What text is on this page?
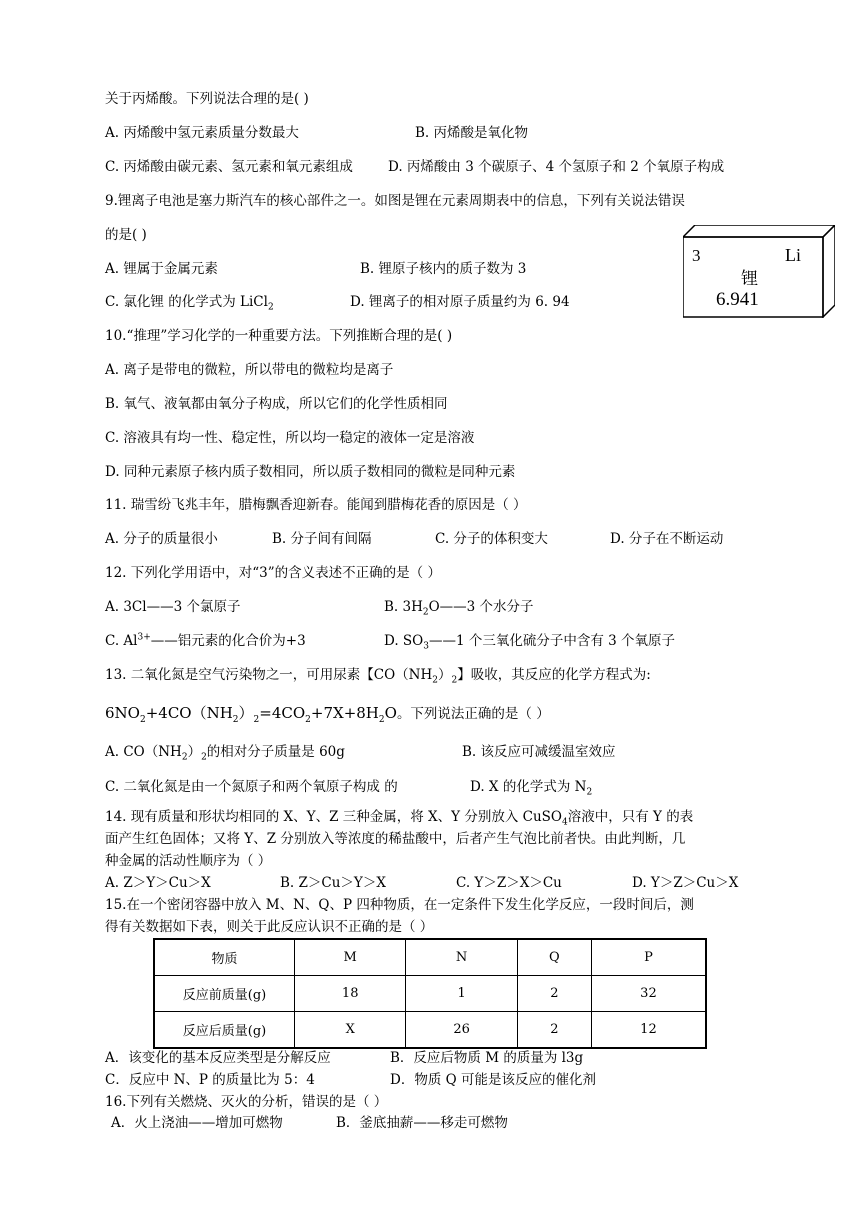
关于丙烯酸。下列说法合理的是( )
A. 丙烯酸中氢元素质量分数最大	B. 丙烯酸是氧化物
C. 丙烯酸由碳元素、氢元素和氧元素组成	D. 丙烯酸由 3 个碳原子、4 个氢原子和 2 个氧原子构成
9.锂离子电池是塞力斯汽车的核心部件之一。如图是锂在元素周期表中的信息，下列有关说法错误
的是( )
A. 锂属于金属元素	B. 锂原子核内的质子数为 3
C. 氯化锂 的化学式为 LiCl$_2$	D. 锂离子的相对原子质量约为 6. 94
3	Li
锂
6.941
10.“推理”学习化学的一种重要方法。下列推断合理的是( )
A. 离子是带电的微粒，所以带电的微粒均是离子
B. 氧气、液氧都由氧分子构成，所以它们的化学性质相同
C. 溶液具有均一性、稳定性，所以均一稳定的液体一定是溶液
D. 同种元素原子核内质子数相同，所以质子数相同的微粒是同种元素
11. 瑞雪纷飞兆丰年，腊梅飘香迎新春。能闻到腊梅花香的原因是（ ）
A. 分子的质量很小	B. 分子间有间隔	C. 分子的体积变大	D. 分子在不断运动
12. 下列化学用语中，对“3”的含义表述不正确的是（ ）
A. 3Cl——3 个氯原子	B. $3H_2O——3$ 个水分子
C. $Al^{3+}——$铝元素的化合价为+3	D. $SO_3——1$ 个三氧化硫分子中含有 3 个氧原子
13. 二氧化氮是空气污染物之一，可用尿素【$CO(NH_2)_2$】吸收，其反应的化学方程式为:
$6NO_2+4CO(NH_2)_2=4CO_2+7X+8H_2O$。下列说法正确的是（ ）
A. $CO(NH_2)_2$的相对分子质量是 60g	B. 该反应可减缓温室效应
C. 二氧化氮是由一个氮原子和两个氧原子构成 的	D. X 的化学式为 $N_2$
14. 现有质量和形状均相同的 X、Y、Z 三种金属，将 X、Y 分别放入 CuSO$_4$溶液中，只有 Y 的表
面产生红色固体；又将 Y、Z 分别放入等浓度的稀盐酸中，后者产生气泡比前者快。由此判断，几
种金属的活动性顺序为（ ）
A. Z＞Y＞Cu＞X	B. Z＞Cu＞Y＞X	C. Y＞Z＞X＞Cu	D. Y＞Z＞Cu＞X
15.在一个密闭容器中放入 M、N、Q、P 四种物质，在一定条件下发生化学反应，一段时间后，测
得有关数据如下表，则关于此反应认识不正确的是（ ）
物质	M	N	Q	P
反应前质量(g)	18	1	2	32
反应后质量(g)	X	26	2	12
A．该变化的基本反应类型是分解反应	B．反应后物质 M 的质量为 l3g
C．反应中 N、P 的质量比为 5：4	D．物质 Q 可能是该反应的催化剂
16.下列有关燃烧、灭火的分析，错误的是（ ）
A．火上浇油——增加可燃物	B．釜底抽薪——移走可燃物
